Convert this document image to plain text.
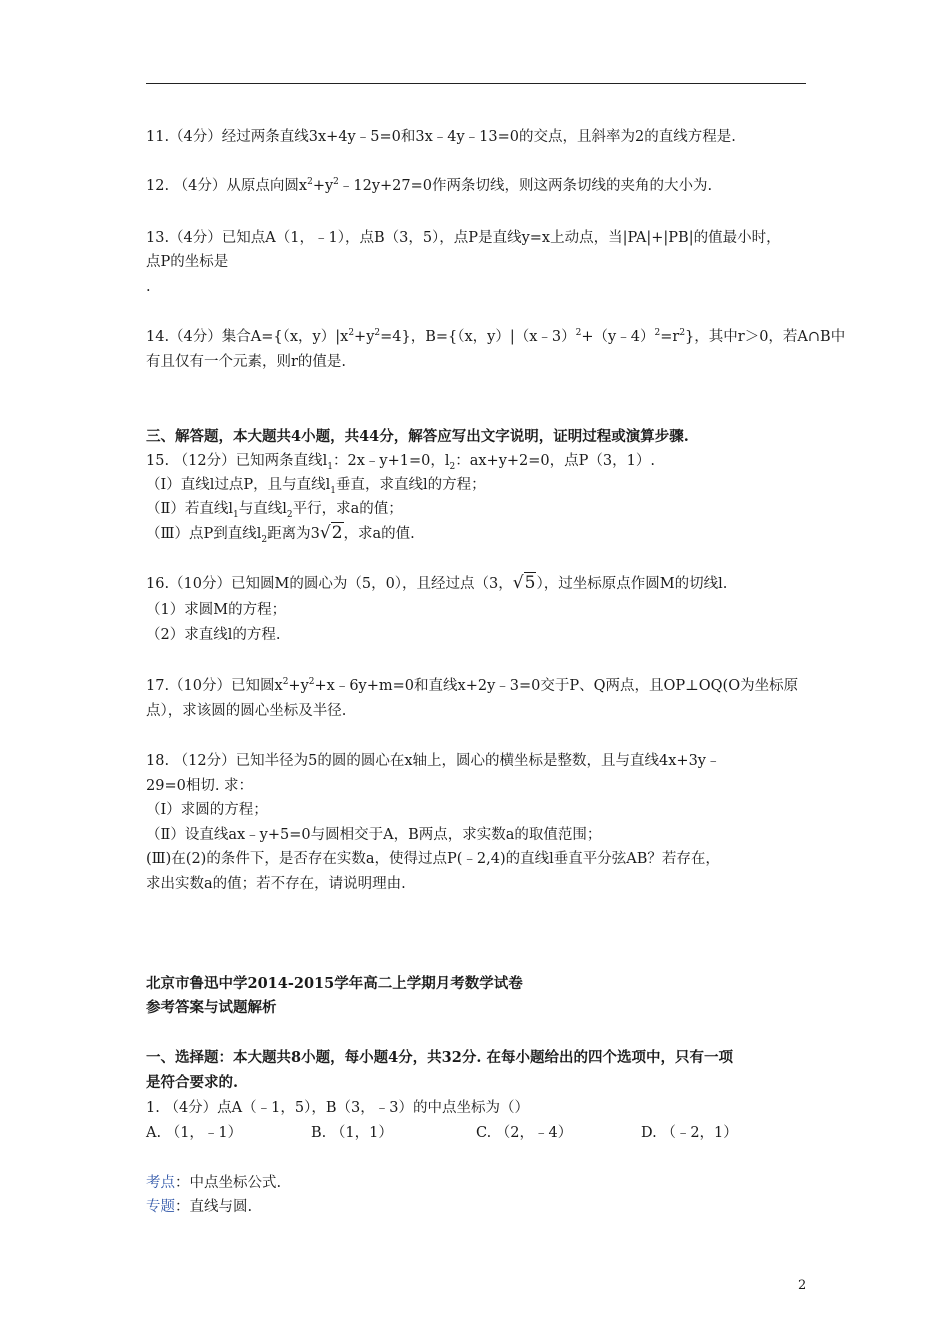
11.（4分）经过两条直线3x+4y﹣5=0和3x﹣4y﹣13=0的交点，且斜率为2的直线方程是.
12. （4分）从原点向圆$x^2+y^2﹣12y+27=0$作两条切线，则这两条切线的夹角的大小为.
13.（4分）已知点A（1，﹣1），点B（3，5），点P是直线y=x上动点，当|PA|+|PB|的值最小时，
点P的坐标是
.
14.（4分）集合A={（x，$y)|x^2+y^2=4$}，B={（x，$y)|(x﹣3)^2+(y﹣4)^2=r^2$}，其中r＞0，若A∩B中
有且仅有一个元素，则r的值是.
三、解答题，本大题共4小题，共44分，解答应写出文字说明，证明过程或演算步骤.
15. （12分）已知两条直线$l_1$：2x﹣y+1=0，$l_2$：ax+y+2=0，点P（3，1）.
（Ⅰ）直线l过点P，且与直线$l_1$垂直，求直线l的方程；
（Ⅱ）若直线$l_1$与直线$l_2$平行，求a的值；
（Ⅲ）点P到直线$l_2$距离为3√2，求a的值.
16.（10分）已知圆M的圆心为（5，0），且经过点（3，√5），过坐标原点作圆M的切线l.
（1）求圆M的方程；
（2）求直线l的方程.
17.（10分）已知圆$x^2+y^2+x﹣6y+m=0$和直线x+2y﹣3=0交于P、Q两点，且OP⊥OQ(O为坐标原
点），求该圆的圆心坐标及半径.
18. （12分）已知半径为5的圆的圆心在x轴上，圆心的横坐标是整数，且与直线4x+3y﹣
29=0相切. 求：
（Ⅰ）求圆的方程；
（Ⅱ）设直线ax﹣y+5=0与圆相交于A，B两点，求实数a的取值范围；
(Ⅲ)在(2)的条件下，是否存在实数a，使得过点P(﹣2,4)的直线l垂直平分弦AB？若存在，
求出实数a的值；若不存在，请说明理由.
北京市鲁迅中学2014-2015学年高二上学期月考数学试卷
参考答案与试题解析
一、选择题：本大题共8小题，每小题4分，共32分. 在每小题给出的四个选项中，只有一项
是符合要求的.
1. （4分）点A（﹣1，5），B（3，﹣3）的中点坐标为（）
A. （1，﹣1）	B. （1，1）	C. （2，﹣4）	D. （﹣2，1）
考点：中点坐标公式.
专题：直线与圆.
2
